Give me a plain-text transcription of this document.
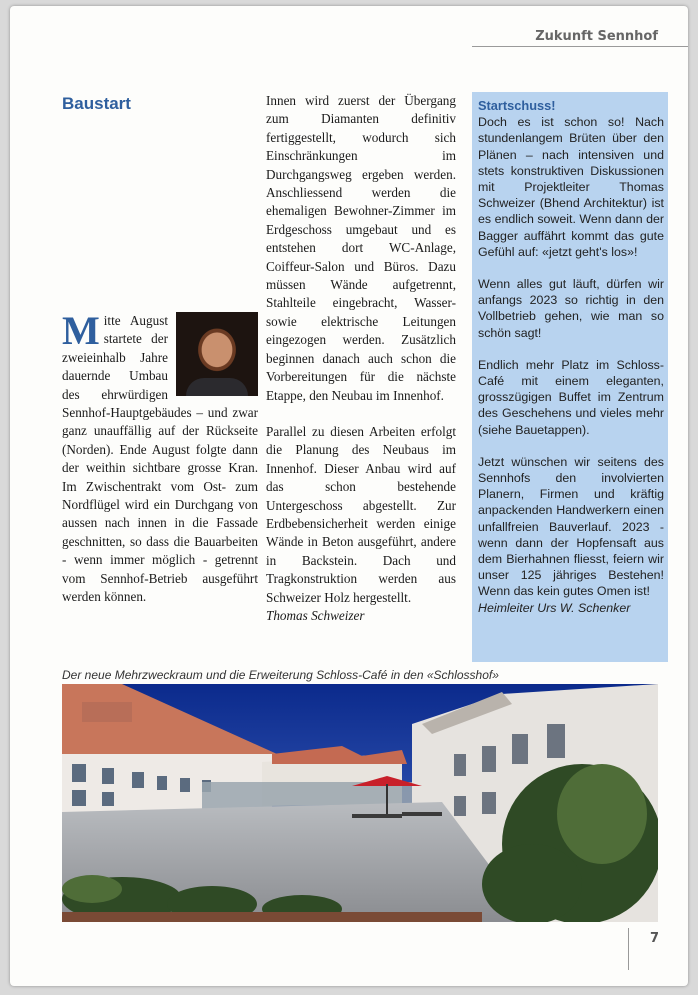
Zukunft Sennhof
Baustart

Mitte August startete der zweieinhalb Jahre dauernde Umbau des ehrwürdigen Sennhof-Hauptgebäudes – und zwar ganz unauffällig auf der Rückseite (Norden). Ende August folgte dann der weithin sichtbare grosse Kran. Im Zwischentrakt vom Ost- zum Nordflügel wird ein Durchgang von aussen nach innen in die Fassade geschnitten, so dass die Bauarbeiten - wenn immer möglich - getrennt vom Sennhof-Betrieb ausgeführt werden können.

Innen wird zuerst der Übergang zum Diamanten definitiv fertiggestellt, wodurch sich Einschränkungen im Durchgangsweg ergeben werden. Anschliessend werden die ehemaligen Bewohner-Zimmer im Erdgeschoss umgebaut und es entstehen dort WC-Anlage, Coiffeur-Salon und Büros. Dazu müssen Wände aufgetrennt, Stahlteile eingebracht, Wasser- sowie elektrische Leitungen eingezogen werden. Zusätzlich beginnen danach auch schon die Vorbereitungen für die nächste Etappe, den Neubau im Innenhof.

Parallel zu diesen Arbeiten erfolgt die Planung des Neubaus im Innenhof. Dieser Anbau wird auf das schon bestehende Untergeschoss abgestellt. Zur Erdbebensicherheit werden einige Wände in Beton ausgeführt, andere in Backstein. Dach und Tragkonstruktion werden aus Schweizer Holz hergestellt.

Thomas Schweizer

Startschuss!

Doch es ist schon so! Nach stundenlangem Brüten über den Plänen – nach intensiven und stets konstruktiven Diskussionen mit Projektleiter Thomas Schweizer (Bhend Architektur) ist es endlich soweit. Wenn dann der Bagger auffährt kommt das gute Gefühl auf: «jetzt geht's los»!

Wenn alles gut läuft, dürfen wir anfangs 2023 so richtig in den Vollbetrieb gehen, wie man so schön sagt!

Endlich mehr Platz im Schloss-Café mit einem eleganten, grosszügigen Buffet im Zentrum des Geschehens und vieles mehr (siehe Bauetappen).

Jetzt wünschen wir seitens des Sennhofs den involvierten Planern, Firmen und kräftig anpackenden Handwerkern einen unfallfreien Bauverlauf. 2023 - wenn dann der Hopfensaft aus dem Bierhahnen fliesst, feiern wir unser 125 jähriges Bestehen! Wenn das kein gutes Omen ist!

Heimleiter Urs W. Schenker

Der neue Mehrzweckraum und die Erweiterung Schloss-Café in den «Schlosshof»
7
